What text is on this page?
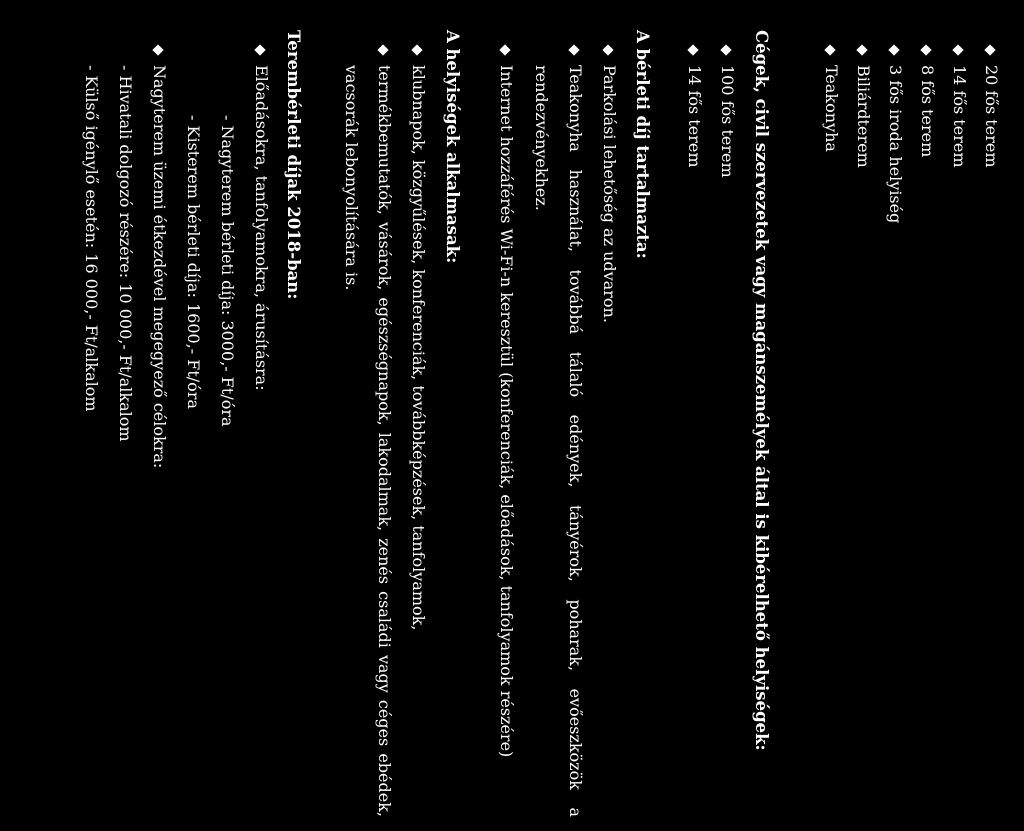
20 fős terem
14 fős terem
8 fős terem
3 fős iroda helyiség
Biliárdterem
Teakonyha
Cégek, civil szervezetek vagy magánszemélyek által is kibérelhető helyiségek:
100 fős terem
14 fős terem
A bérleti díj tartalmazta:
Parkolási lehetőség az udvaron.
Teakonyha használat, továbbá tálaló edények, tányérok, poharak, evőeszközök a
rendezvényekhez.
Internet hozzáférés Wi-Fi-n keresztül (konferenciák, előadások, tanfolyamok részére)
A helyiségek alkalmasak:
klubnapok, közgyűlések, konferenciák, továbbképzések, tanfolyamok,
termékbemutatók, vásárok, egészségnapok, lakodalmak, zenés családi vagy céges ebédek,
vacsorák lebonyolítására is.
Terembérleti díjak 2018-ban:
Előadásokra, tanfolyamokra, árusításra:
- Nagyterem bérleti díja: 3000,- Ft/óra
- Kisterem bérleti díja: 1600,- Ft/óra
Nagyterem üzemi étkezdével megegyező célokra:
- Hivatali dolgozó részére: 10 000,- Ft/alkalom
- Külső igénylő esetén: 16 000,- Ft/alkalom
